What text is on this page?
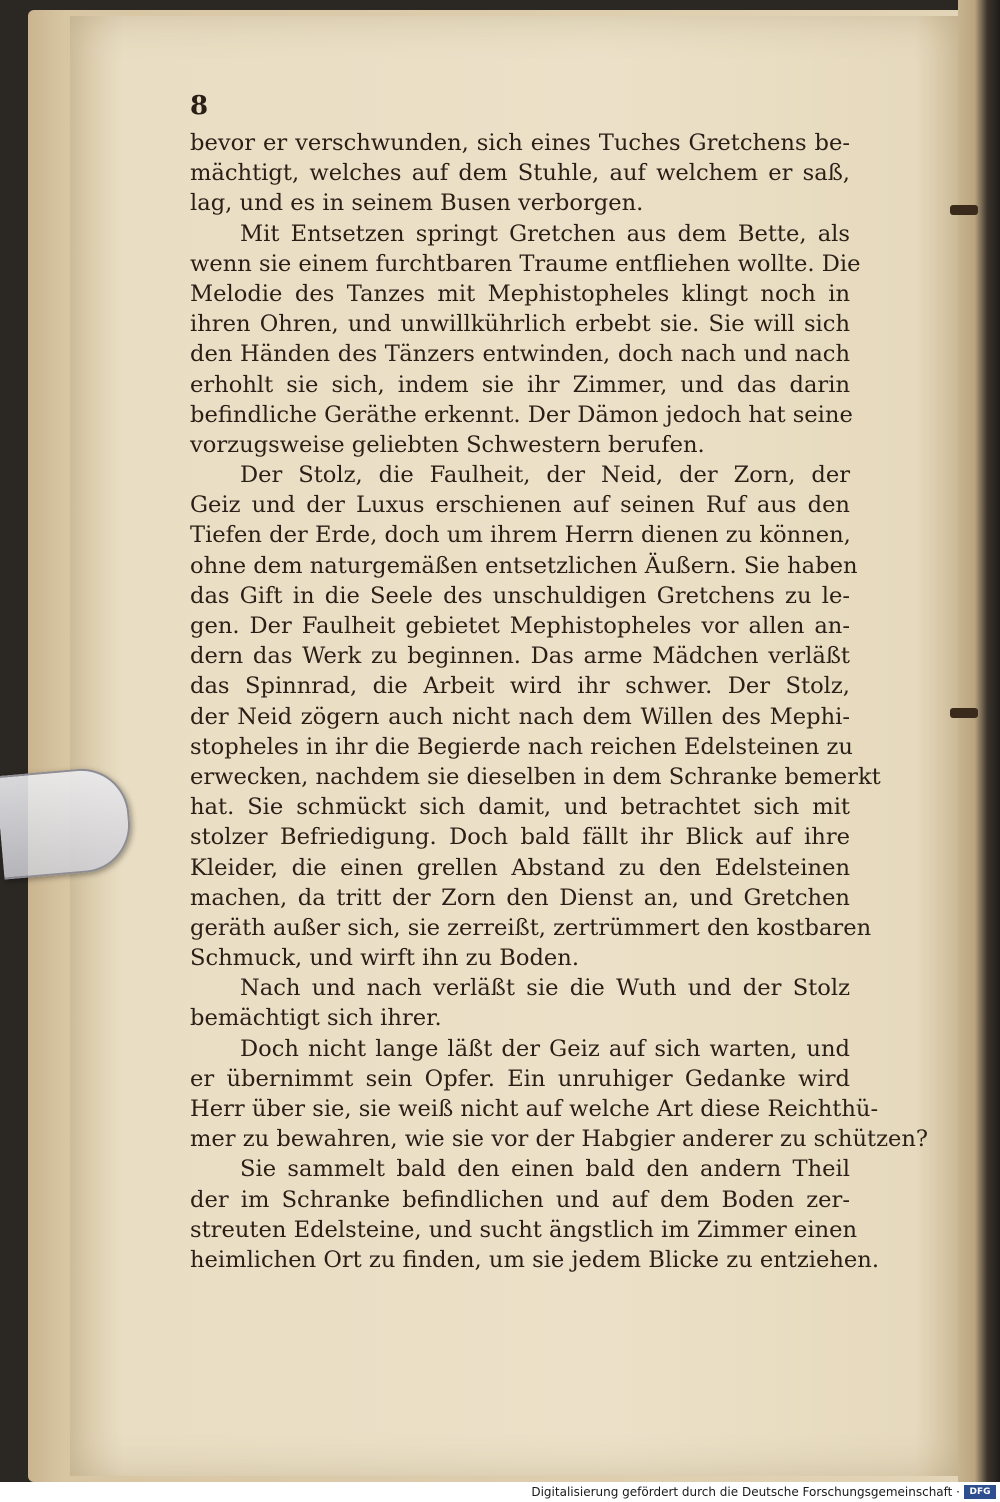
8
bevor er verschwunden, sich eines Tuches Gretchens be-
mächtigt, welches auf dem Stuhle, auf welchem er saß,
lag, und es in seinem Busen verborgen.
Mit Entsetzen springt Gretchen aus dem Bette, als
wenn sie einem furchtbaren Traume entfliehen wollte. Die
Melodie des Tanzes mit Mephistopheles klingt noch in
ihren Ohren, und unwillkührlich erbebt sie. Sie will sich
den Händen des Tänzers entwinden, doch nach und nach
erhohlt sie sich, indem sie ihr Zimmer, und das darin
befindliche Geräthe erkennt. Der Dämon jedoch hat seine
vorzugsweise geliebten Schwestern berufen.
Der Stolz, die Faulheit, der Neid, der Zorn, der
Geiz und der Luxus erschienen auf seinen Ruf aus den
Tiefen der Erde, doch um ihrem Herrn dienen zu können,
ohne dem naturgemäßen entsetzlichen Äußern. Sie haben
das Gift in die Seele des unschuldigen Gretchens zu le-
gen. Der Faulheit gebietet Mephistopheles vor allen an-
dern das Werk zu beginnen. Das arme Mädchen verläßt
das Spinnrad, die Arbeit wird ihr schwer. Der Stolz,
der Neid zögern auch nicht nach dem Willen des Mephi-
stopheles in ihr die Begierde nach reichen Edelsteinen zu
erwecken, nachdem sie dieselben in dem Schranke bemerkt
hat. Sie schmückt sich damit, und betrachtet sich mit
stolzer Befriedigung. Doch bald fällt ihr Blick auf ihre
Kleider, die einen grellen Abstand zu den Edelsteinen
machen, da tritt der Zorn den Dienst an, und Gretchen
geräth außer sich, sie zerreißt, zertrümmert den kostbaren
Schmuck, und wirft ihn zu Boden.
Nach und nach verläßt sie die Wuth und der Stolz
bemächtigt sich ihrer.
Doch nicht lange läßt der Geiz auf sich warten, und
er übernimmt sein Opfer. Ein unruhiger Gedanke wird
Herr über sie, sie weiß nicht auf welche Art diese Reichthü-
mer zu bewahren, wie sie vor der Habgier anderer zu schützen?
Sie sammelt bald den einen bald den andern Theil
der im Schranke befindlichen und auf dem Boden zer-
streuten Edelsteine, und sucht ängstlich im Zimmer einen
heimlichen Ort zu finden, um sie jedem Blicke zu entziehen.
Digitalisierung gefördert durch die Deutsche Forschungsgemeinschaft ·	DFG
